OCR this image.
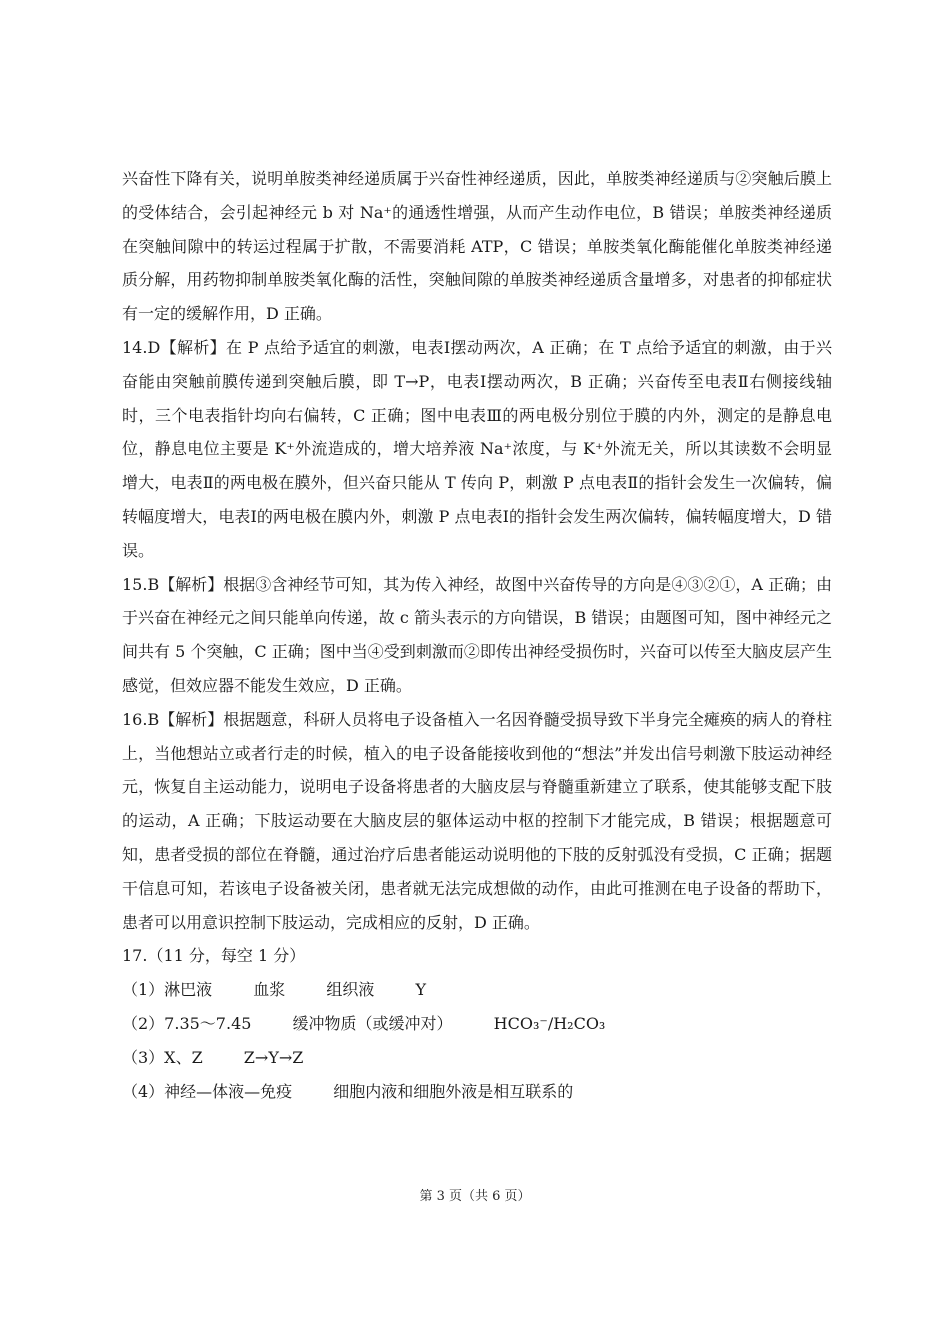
兴奋性下降有关，说明单胺类神经递质属于兴奋性神经递质，因此，单胺类神经递质与②突触后膜上的受体结合，会引起神经元 b 对 Na⁺的通透性增强，从而产生动作电位，B 错误；单胺类神经递质在突触间隙中的转运过程属于扩散，不需要消耗 ATP，C 错误；单胺类氧化酶能催化单胺类神经递质分解，用药物抑制单胺类氧化酶的活性，突触间隙的单胺类神经递质含量增多，对患者的抑郁症状有一定的缓解作用，D 正确。

14.D【解析】在 P 点给予适宜的刺激，电表Ⅰ摆动两次，A 正确；在 T 点给予适宜的刺激，由于兴奋能由突触前膜传递到突触后膜，即 T→P，电表Ⅰ摆动两次，B 正确；兴奋传至电表Ⅱ右侧接线轴时，三个电表指针均向右偏转，C 正确；图中电表Ⅲ的两电极分别位于膜的内外，测定的是静息电位，静息电位主要是 K⁺外流造成的，增大培养液 Na⁺浓度，与 K⁺外流无关，所以其读数不会明显增大，电表Ⅱ的两电极在膜外，但兴奋只能从 T 传向 P，刺激 P 点电表Ⅱ的指针会发生一次偏转，偏转幅度增大，电表Ⅰ的两电极在膜内外，刺激 P 点电表Ⅰ的指针会发生两次偏转，偏转幅度增大，D 错误。

15.B【解析】根据③含神经节可知，其为传入神经，故图中兴奋传导的方向是④③②①，A 正确；由于兴奋在神经元之间只能单向传递，故 c 箭头表示的方向错误，B 错误；由题图可知，图中神经元之间共有 5 个突触，C 正确；图中当④受到刺激而②即传出神经受损伤时，兴奋可以传至大脑皮层产生感觉，但效应器不能发生效应，D 正确。

16.B【解析】根据题意，科研人员将电子设备植入一名因脊髓受损导致下半身完全瘫痪的病人的脊柱上，当他想站立或者行走的时候，植入的电子设备能接收到他的“想法”并发出信号刺激下肢运动神经元，恢复自主运动能力，说明电子设备将患者的大脑皮层与脊髓重新建立了联系，使其能够支配下肢的运动，A 正确；下肢运动要在大脑皮层的躯体运动中枢的控制下才能完成，B 错误；根据题意可知，患者受损的部位在脊髓，通过治疗后患者能运动说明他的下肢的反射弧没有受损，C 正确；据题干信息可知，若该电子设备被关闭，患者就无法完成想做的动作，由此可推测在电子设备的帮助下，患者可以用意识控制下肢运动，完成相应的反射，D 正确。

17.（11 分，每空 1 分）

（1）淋巴液	血浆	组织液	Y

（2）7.35～7.45	缓冲物质（或缓冲对）	HCO₃⁻/H₂CO₃

（3）X、Z	Z→Y→Z

（4）神经—体液—免疫	细胞内液和细胞外液是相互联系的

第 3 页（共 6 页）
